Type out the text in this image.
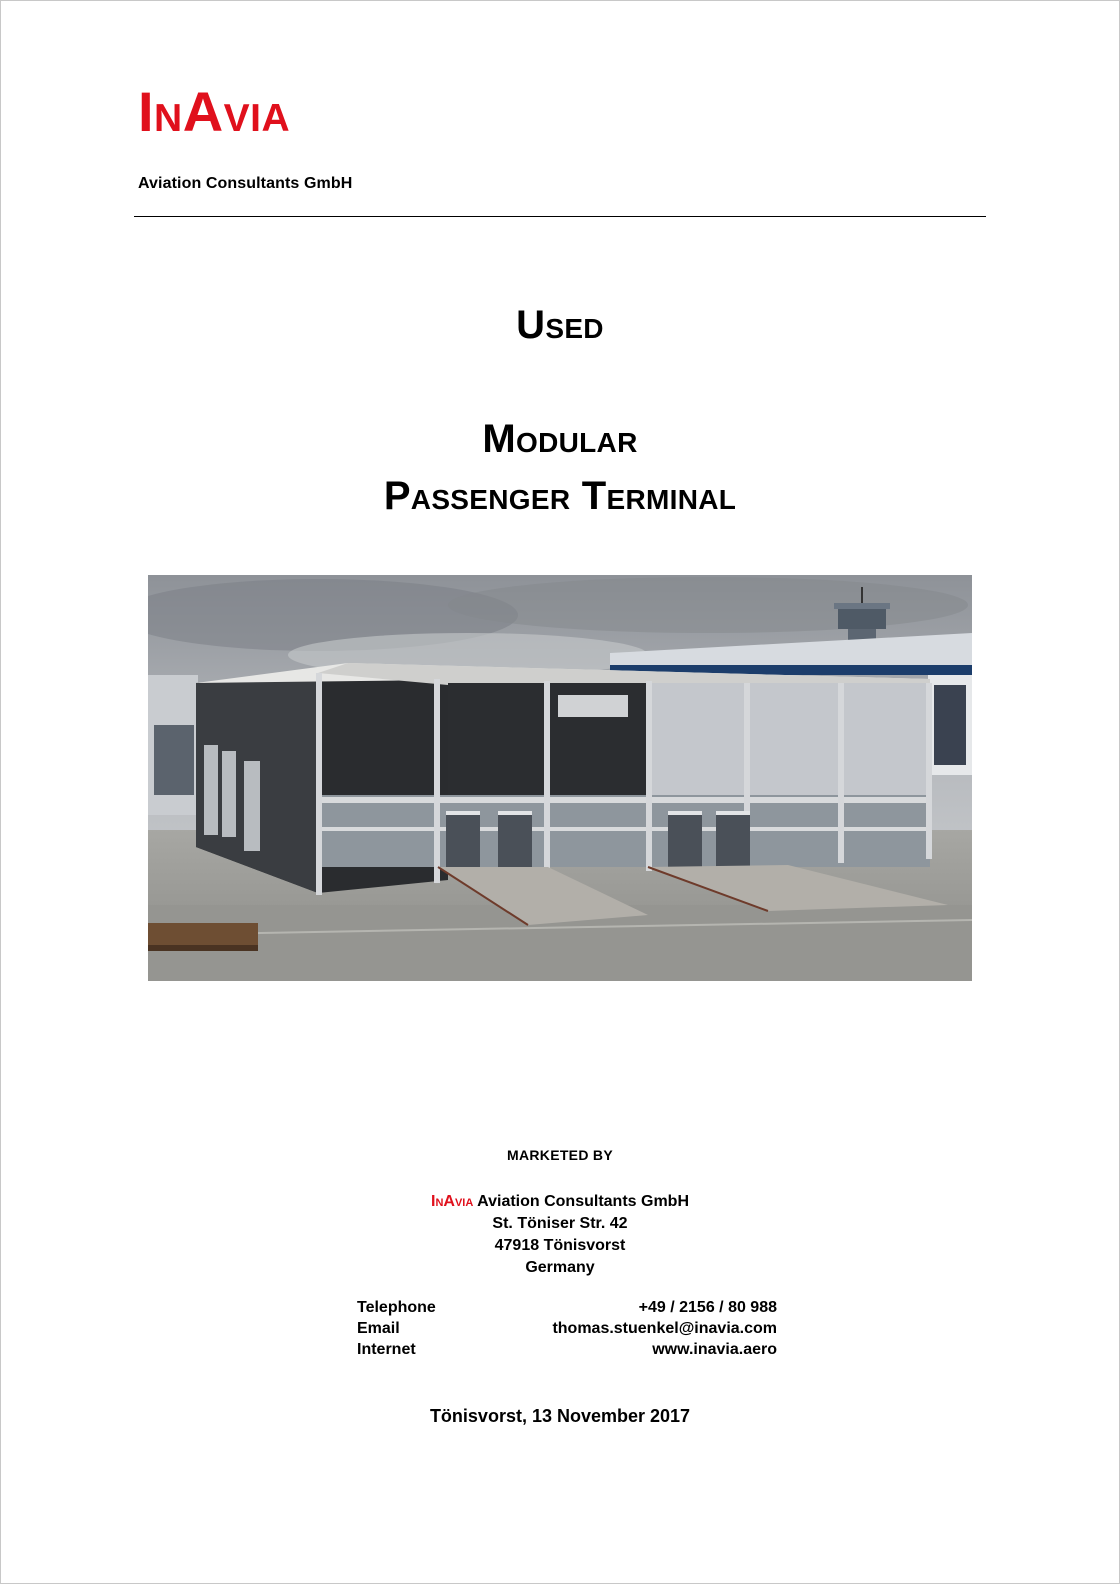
InAvia
Aviation Consultants GmbH
Used
Modular
Passenger Terminal
MARKETED BY
InAvia Aviation Consultants GmbH
St. Töniser Str. 42
47918 Tönisvorst
Germany
Telephone	+49 / 2156 / 80 988
Email	thomas.stuenkel@inavia.com
Internet	www.inavia.aero
Tönisvorst, 13 November 2017
